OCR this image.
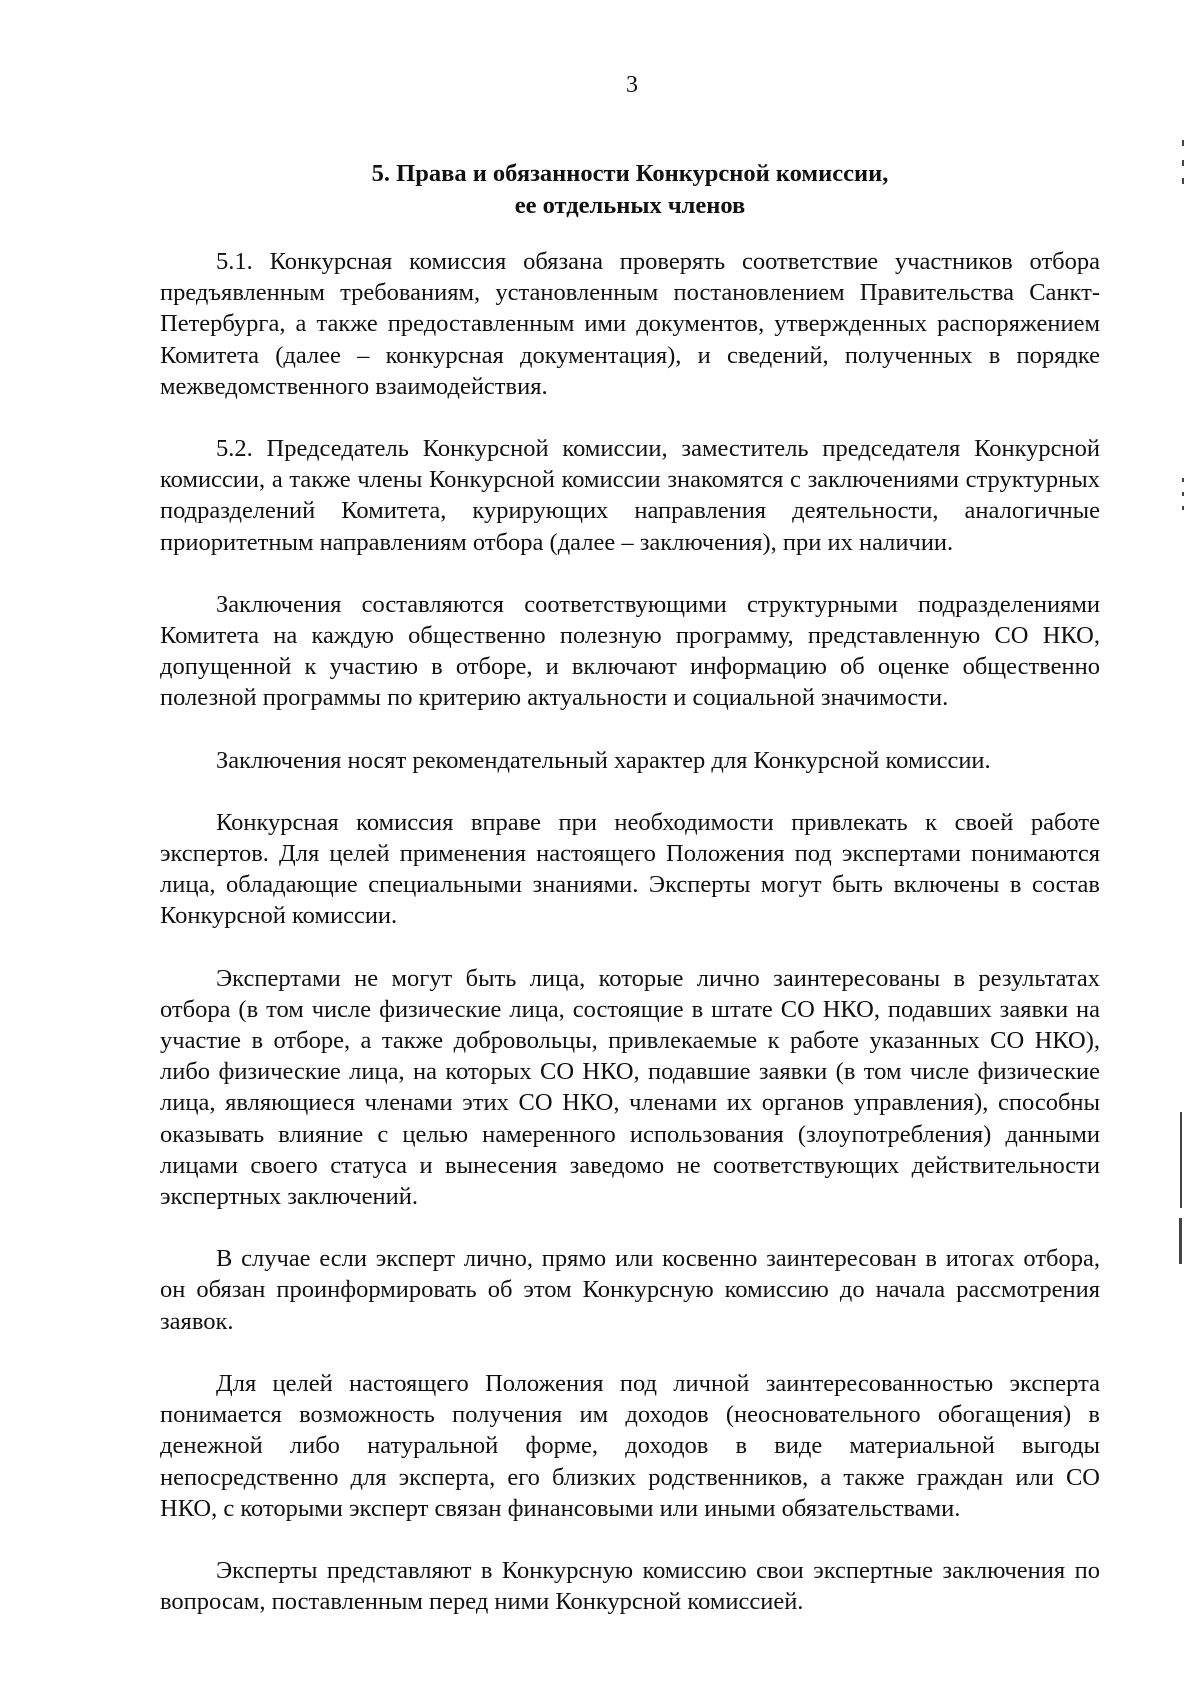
3
5. Права и обязанности Конкурсной комиссии,
ее отдельных членов

5.1. Конкурсная комиссия обязана проверять соответствие участников отбора предъявленным требованиям, установленным постановлением Правительства Санкт-Петербурга, а также предоставленным ими документов, утвержденных распоряжением Комитета (далее – конкурсная документация), и сведений, полученных в порядке межведомственного взаимодействия.

5.2. Председатель Конкурсной комиссии, заместитель председателя Конкурсной комиссии, а также члены Конкурсной комиссии знакомятся с заключениями структурных подразделений Комитета, курирующих направления деятельности, аналогичные приоритетным направлениям отбора (далее – заключения), при их наличии.

Заключения составляются соответствующими структурными подразделениями Комитета на каждую общественно полезную программу, представленную СО НКО, допущенной к участию в отборе, и включают информацию об оценке общественно полезной программы по критерию актуальности и социальной значимости.

Заключения носят рекомендательный характер для Конкурсной комиссии.

Конкурсная комиссия вправе при необходимости привлекать к своей работе экспертов. Для целей применения настоящего Положения под экспертами понимаются лица, обладающие специальными знаниями. Эксперты могут быть включены в состав Конкурсной комиссии.

Экспертами не могут быть лица, которые лично заинтересованы в результатах отбора (в том числе физические лица, состоящие в штате СО НКО, подавших заявки на участие в отборе, а также добровольцы, привлекаемые к работе указанных СО НКО), либо физические лица, на которых СО НКО, подавшие заявки (в том числе физические лица, являющиеся членами этих СО НКО, членами их органов управления), способны оказывать влияние с целью намеренного использования (злоупотребления) данными лицами своего статуса и вынесения заведомо не соответствующих действительности экспертных заключений.

В случае если эксперт лично, прямо или косвенно заинтересован в итогах отбора, он обязан проинформировать об этом Конкурсную комиссию до начала рассмотрения заявок.

Для целей настоящего Положения под личной заинтересованностью эксперта понимается возможность получения им доходов (неосновательного обогащения) в денежной либо натуральной форме, доходов в виде материальной выгоды непосредственно для эксперта, его близких родственников, а также граждан или СО НКО, с которыми эксперт связан финансовыми или иными обязательствами.

Эксперты представляют в Конкурсную комиссию свои экспертные заключения по вопросам, поставленным перед ними Конкурсной комиссией.
